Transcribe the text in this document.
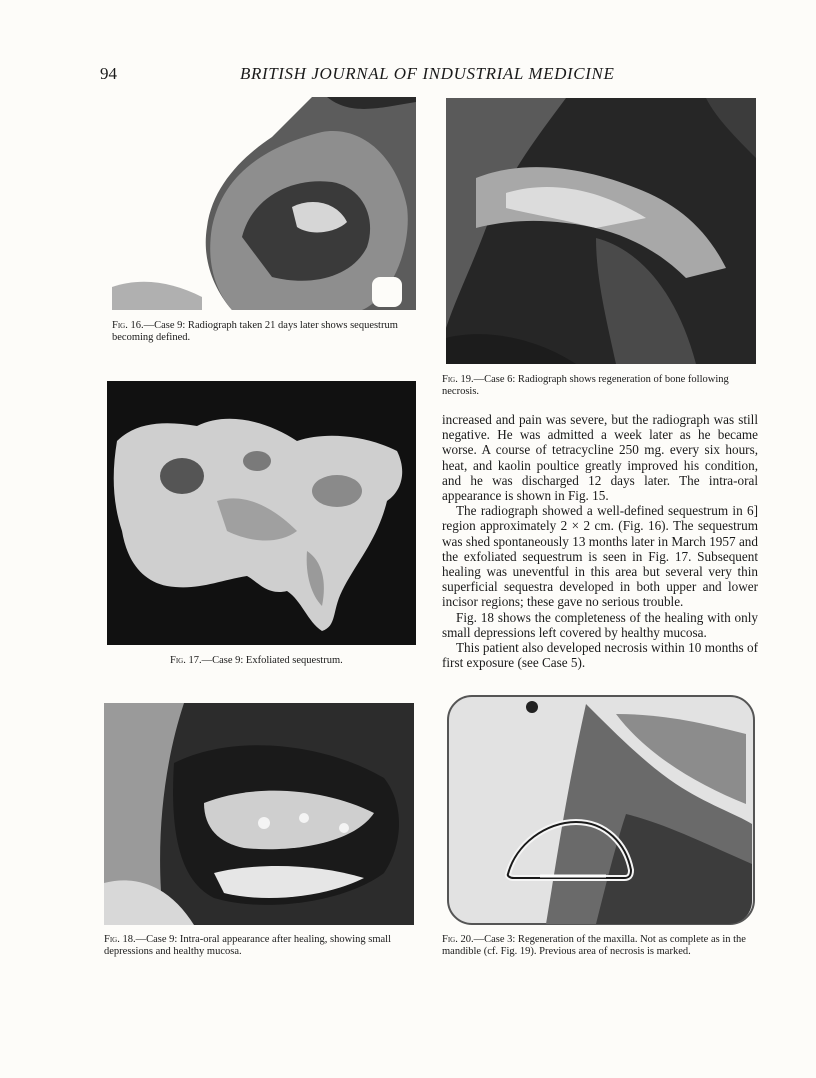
94	BRITISH JOURNAL OF INDUSTRIAL MEDICINE
Fig. 16.—Case 9: Radiograph taken 21 days later shows sequestrum becoming defined.
Fig. 19.—Case 6: Radiograph shows regeneration of bone following necrosis.
Fig. 17.—Case 9: Exfoliated sequestrum.

increased and pain was severe, but the radiograph was still negative. He was admitted a week later as he became worse. A course of tetracycline 250 mg. every six hours, heat, and kaolin poultice greatly improved his condition, and he was discharged 12 days later. The intra-oral appearance is shown in Fig. 15.

The radiograph showed a well-defined sequestrum in 6] region approximately 2 × 2 cm. (Fig. 16). The sequestrum was shed spontaneously 13 months later in March 1957 and the exfoliated sequestrum is seen in Fig. 17. Subsequent healing was uneventful in this area but several very thin superficial sequestra developed in both upper and lower incisor regions; these gave no serious trouble.

Fig. 18 shows the completeness of the healing with only small depressions left covered by healthy mucosa.

This patient also developed necrosis within 10 months of first exposure (see Case 5).

Fig. 18.—Case 9: Intra-oral appearance after healing, showing small depressions and healthy mucosa.
Fig. 20.—Case 3: Regeneration of the maxilla. Not as complete as in the mandible (cf. Fig. 19). Previous area of necrosis is marked.
